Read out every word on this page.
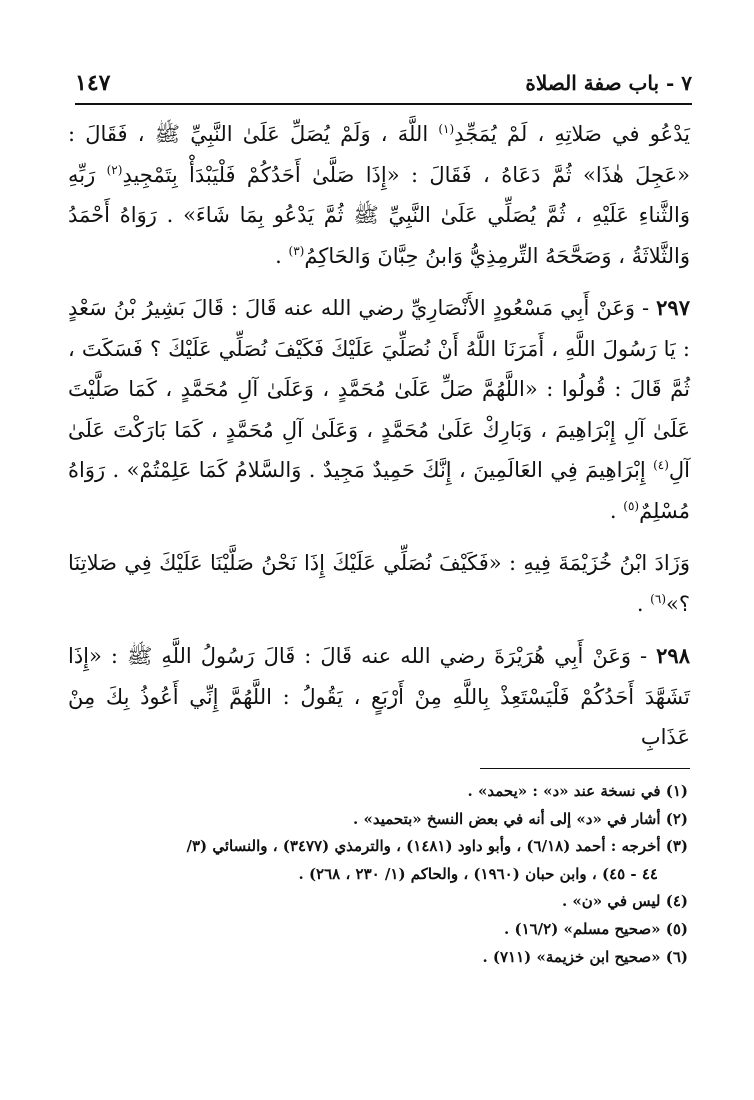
٧ - باب صفة الصلاة
١٤٧

يَدْعُو في صَلاتِهِ ، لَمْ يُمَجِّدِ$^{(١)}$ اللَّهَ ، وَلَمْ يُصَلِّ عَلَىٰ النَّبِيِّ ﷺ ، فَقَالَ : «عَجِلَ هٰذَا» ثُمَّ دَعَاهُ ، فَقَالَ : «إِذَا صَلَّىٰ أَحَدُكُمْ فَلْيَبْدَأْ بِتَمْجِيدِ$^{(٢)}$ رَبِّهِ وَالثَّناءِ عَلَيْهِ ، ثُمَّ يُصَلِّي عَلَىٰ النَّبِيِّ ﷺ ثُمَّ يَدْعُو بِمَا شَاءَ» . رَوَاهُ أَحْمَدُ وَالثَّلاثَةُ ، وَصَحَّحَهُ التِّرمِذِيُّ وَابنُ حِبَّانَ وَالحَاكِمُ$^{(٣)}$ .

٢٩٧ - وَعَنْ أَبِي مَسْعُودٍ الأَنْصَارِيِّ رضي الله عنه قَالَ : قَالَ بَشِيرُ بْنُ سَعْدٍ : يَا رَسُولَ اللَّهِ ، أَمَرَنَا اللَّهُ أَنْ نُصَلِّيَ عَلَيْكَ فَكَيْفَ نُصَلِّي عَلَيْكَ ؟ فَسَكَتَ ، ثُمَّ قَالَ : قُولُوا : «اللَّهُمَّ صَلِّ عَلَىٰ مُحَمَّدٍ ، وَعَلَىٰ آلِ مُحَمَّدٍ ، كَمَا صَلَّيْتَ عَلَىٰ آلِ إِبْرَاهِيمَ ، وَبَارِكْ عَلَىٰ مُحَمَّدٍ ، وَعَلَىٰ آلِ مُحَمَّدٍ ، كَمَا بَارَكْتَ عَلَىٰ آلِ$^{(٤)}$ إِبْرَاهِيمَ فِي العَالَمِينَ ، إِنَّكَ حَمِيدٌ مَجِيدٌ . وَالسَّلامُ كَمَا عَلِمْتُمْ» . رَوَاهُ مُسْلِمٌ$^{(٥)}$ .

وَزَادَ ابْنُ خُزَيْمَةَ فِيهِ : «فَكَيْفَ نُصَلِّي عَلَيْكَ إِذَا نَحْنُ صَلَّيْنَا عَلَيْكَ فِي صَلاتِنَا ؟»$^{(٦)}$ .

٢٩٨ - وَعَنْ أَبِي هُرَيْرَةَ رضي الله عنه قَالَ : قَالَ رَسُولُ اللَّهِ ﷺ : «إِذَا تَشَهَّدَ أَحَدُكُمْ فَلْيَسْتَعِذْ بِاللَّهِ مِنْ أَرْبَعٍ ، يَقُولُ : اللَّهُمَّ إِنِّي أَعُوذُ بِكَ مِنْ عَذَابِ

(١) في نسخة عند «د» : «يحمد» .

(٢) أشار في «د» إلى أنه في بعض النسخ «بتحميد» .

(٣) أخرجه : أحمد (٦/١٨) ، وأبو داود (١٤٨١) ، والترمذي (٣٤٧٧) ، والنسائي (٣/

٤٤ - ٤٥) ، وابن حبان (١٩٦٠) ، والحاكم (١/ ٢٣٠ ، ٢٦٨) .

(٤) ليس في «ن» .

(٥) «صحيح مسلم» (١٦/٢) .

(٦) «صحيح ابن خزيمة» (٧١١) .
